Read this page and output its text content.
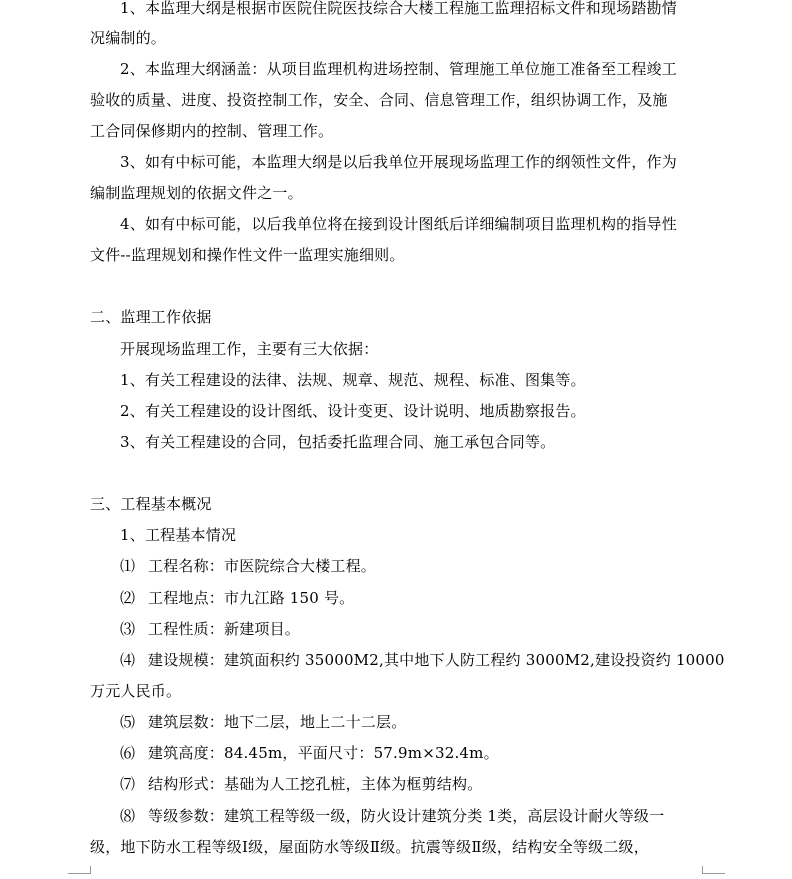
1、本监理大纲是根据市医院住院医技综合大楼工程施工监理招标文件和现场踏勘情
况编制的。
2、本监理大纲涵盖：从项目监理机构进场控制、管理施工单位施工准备至工程竣工
验收的质量、进度、投资控制工作，安全、合同、信息管理工作，组织协调工作，及施
工合同保修期内的控制、管理工作。
3、如有中标可能，本监理大纲是以后我单位开展现场监理工作的纲领性文件，作为
编制监理规划的依据文件之一。
4、如有中标可能，以后我单位将在接到设计图纸后详细编制项目监理机构的指导性
文件--监理规划和操作性文件一监理实施细则。
二、监理工作依据
开展现场监理工作，主要有三大依据：
1、有关工程建设的法律、法规、规章、规范、规程、标准、图集等。
2、有关工程建设的设计图纸、设计变更、设计说明、地质勘察报告。
3、有关工程建设的合同，包括委托监理合同、施工承包合同等。
三、工程基本概况
1、工程基本情况
⑴ 工程名称：市医院综合大楼工程。
⑵ 工程地点：市九江路 150 号。
⑶ 工程性质：新建项目。
⑷ 建设规模：建筑面积约 35000M2,其中地下人防工程约 3000M2,建设投资约 10000
万元人民币。
⑸ 建筑层数：地下二层，地上二十二层。
⑹ 建筑高度：84.45m，平面尺寸：57.9m×32.4m。
⑺ 结构形式：基础为人工挖孔桩，主体为框剪结构。
⑻ 等级参数：建筑工程等级一级，防火设计建筑分类 1类，高层设计耐火等级一
级，地下防水工程等级Ⅰ级，屋面防水等级Ⅱ级。抗震等级Ⅱ级，结构安全等级二级，
